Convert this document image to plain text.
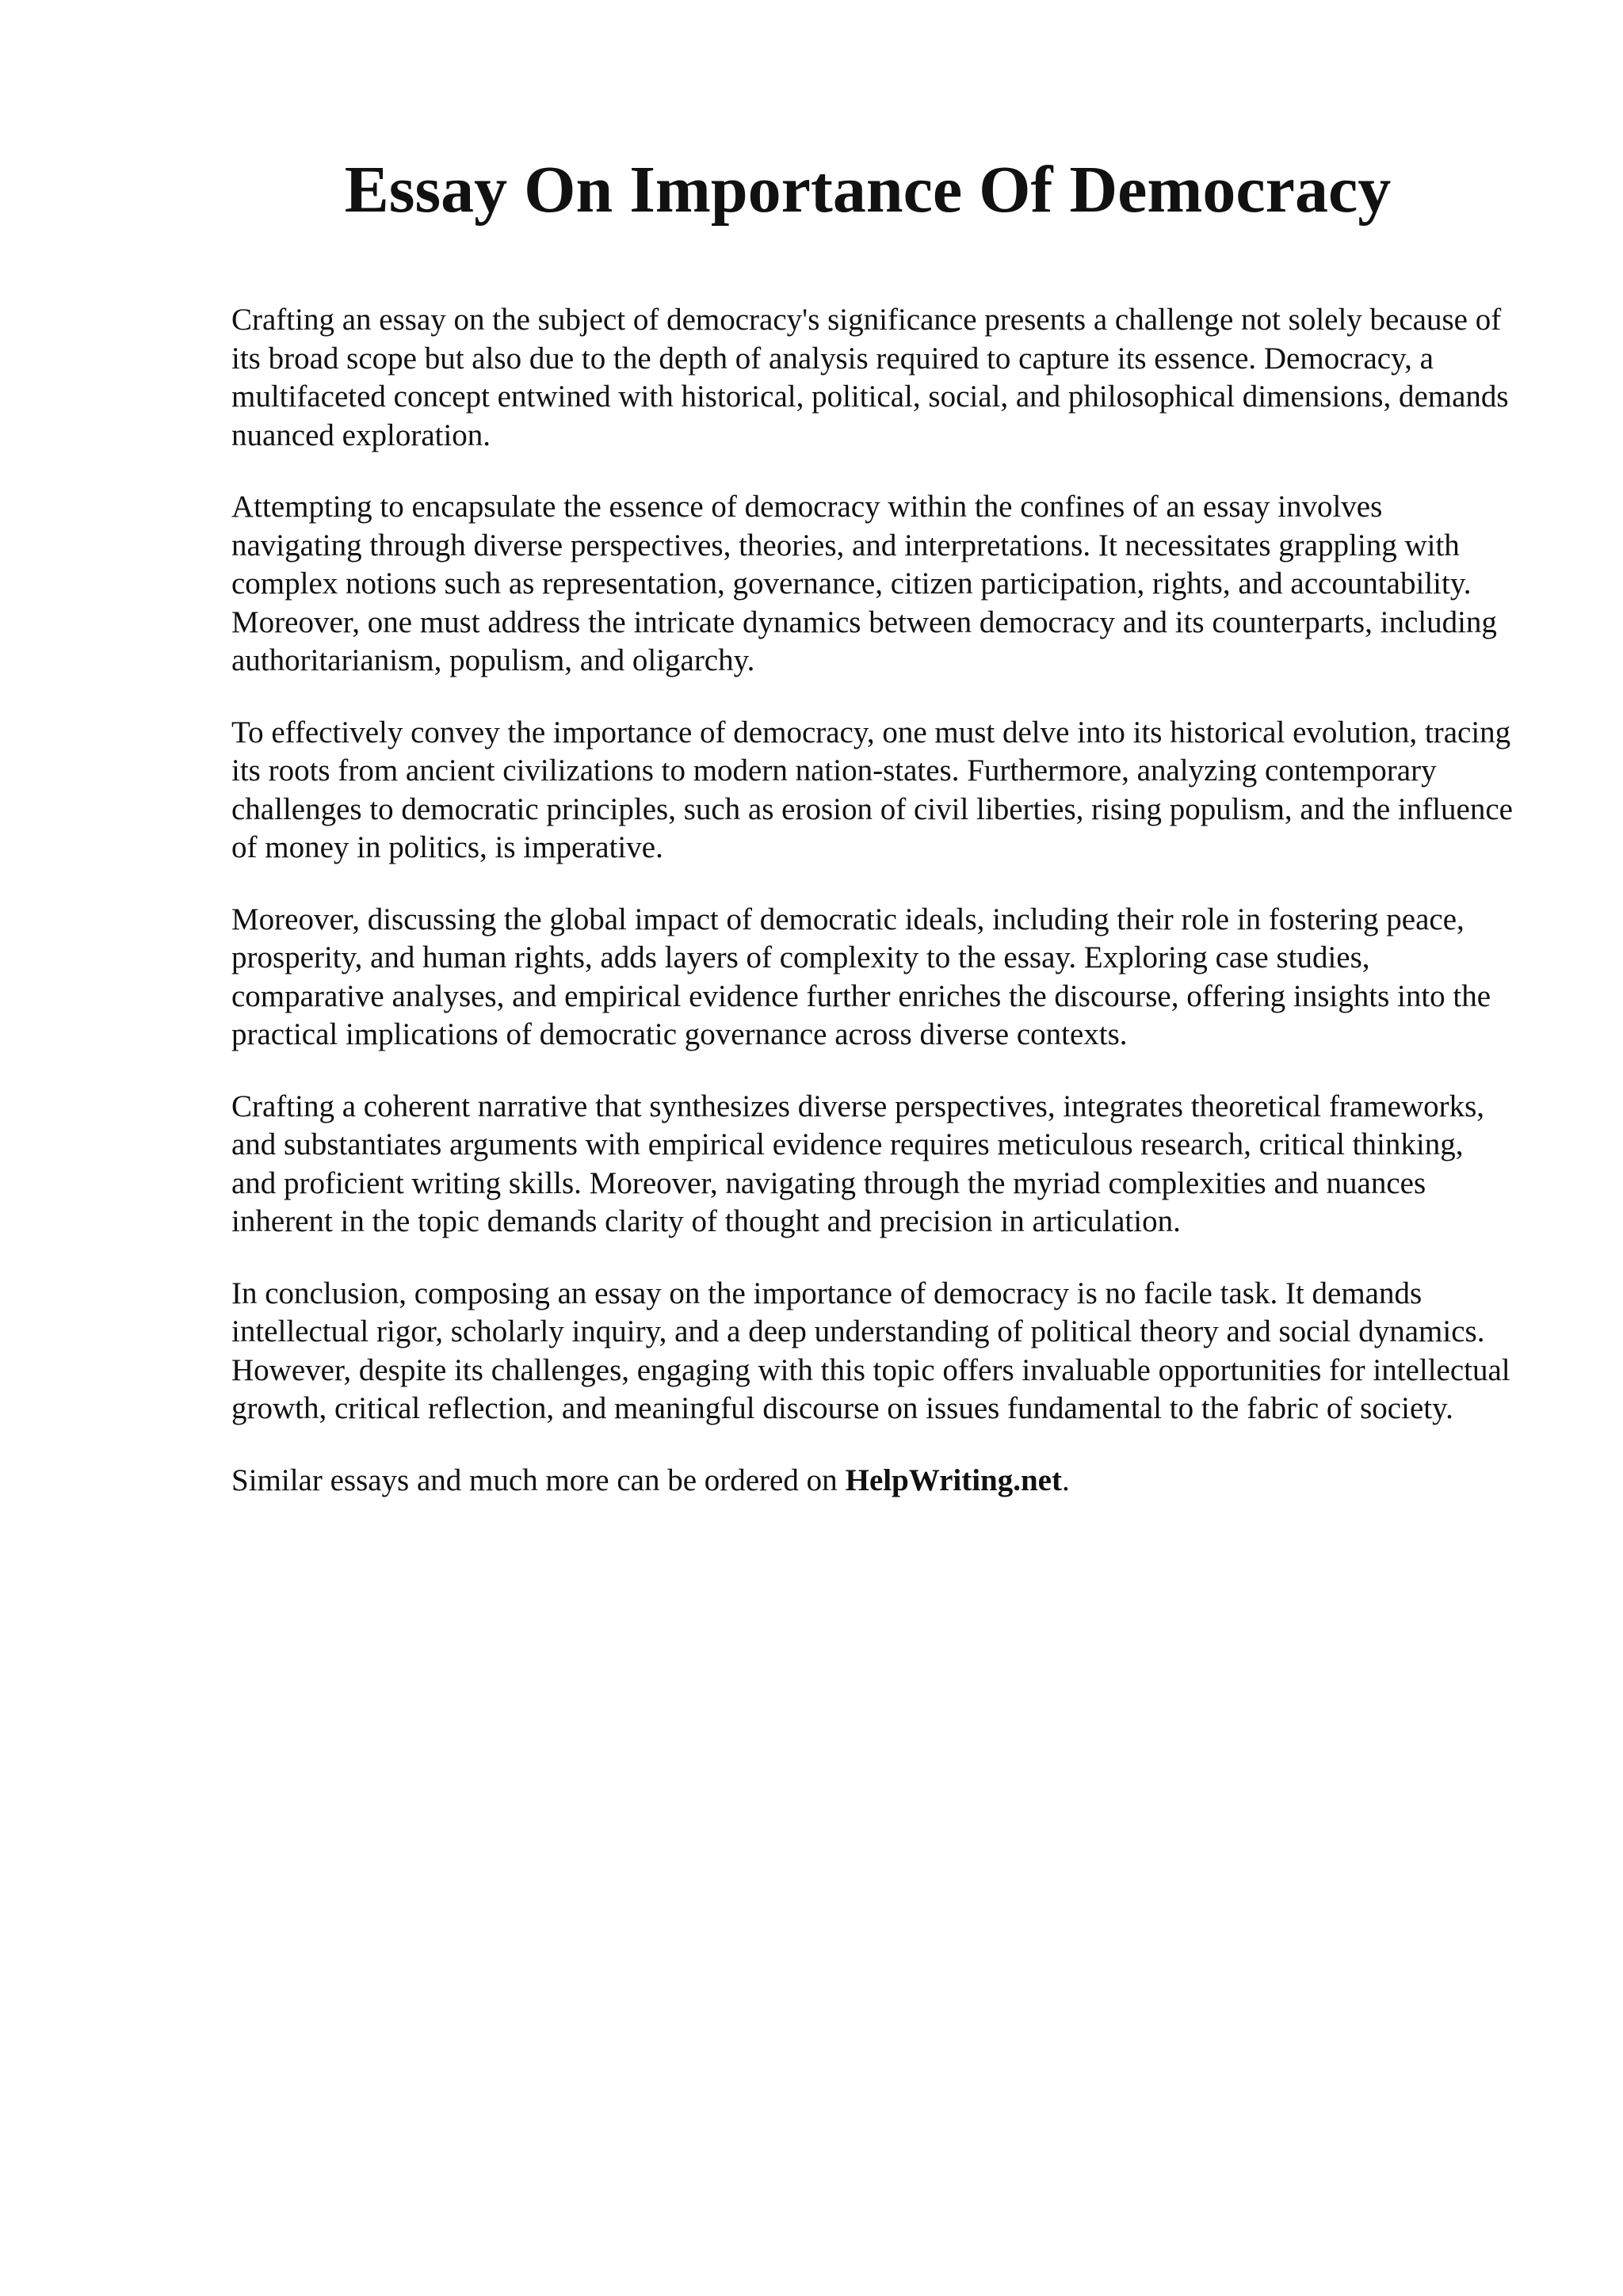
Essay On Importance Of Democracy

Crafting an essay on the subject of democracy's significance presents a challenge not solely because of its broad scope but also due to the depth of analysis required to capture its essence. Democracy, a multifaceted concept entwined with historical, political, social, and philosophical dimensions, demands nuanced exploration.

Attempting to encapsulate the essence of democracy within the confines of an essay involves navigating through diverse perspectives, theories, and interpretations. It necessitates grappling with complex notions such as representation, governance, citizen participation, rights, and accountability. Moreover, one must address the intricate dynamics between democracy and its counterparts, including authoritarianism, populism, and oligarchy.

To effectively convey the importance of democracy, one must delve into its historical evolution, tracing its roots from ancient civilizations to modern nation-states. Furthermore, analyzing contemporary challenges to democratic principles, such as erosion of civil liberties, rising populism, and the influence of money in politics, is imperative.

Moreover, discussing the global impact of democratic ideals, including their role in fostering peace, prosperity, and human rights, adds layers of complexity to the essay. Exploring case studies, comparative analyses, and empirical evidence further enriches the discourse, offering insights into the practical implications of democratic governance across diverse contexts.

Crafting a coherent narrative that synthesizes diverse perspectives, integrates theoretical frameworks, and substantiates arguments with empirical evidence requires meticulous research, critical thinking, and proficient writing skills. Moreover, navigating through the myriad complexities and nuances inherent in the topic demands clarity of thought and precision in articulation.

In conclusion, composing an essay on the importance of democracy is no facile task. It demands intellectual rigor, scholarly inquiry, and a deep understanding of political theory and social dynamics. However, despite its challenges, engaging with this topic offers invaluable opportunities for intellectual growth, critical reflection, and meaningful discourse on issues fundamental to the fabric of society.

Similar essays and much more can be ordered on HelpWriting.net.
